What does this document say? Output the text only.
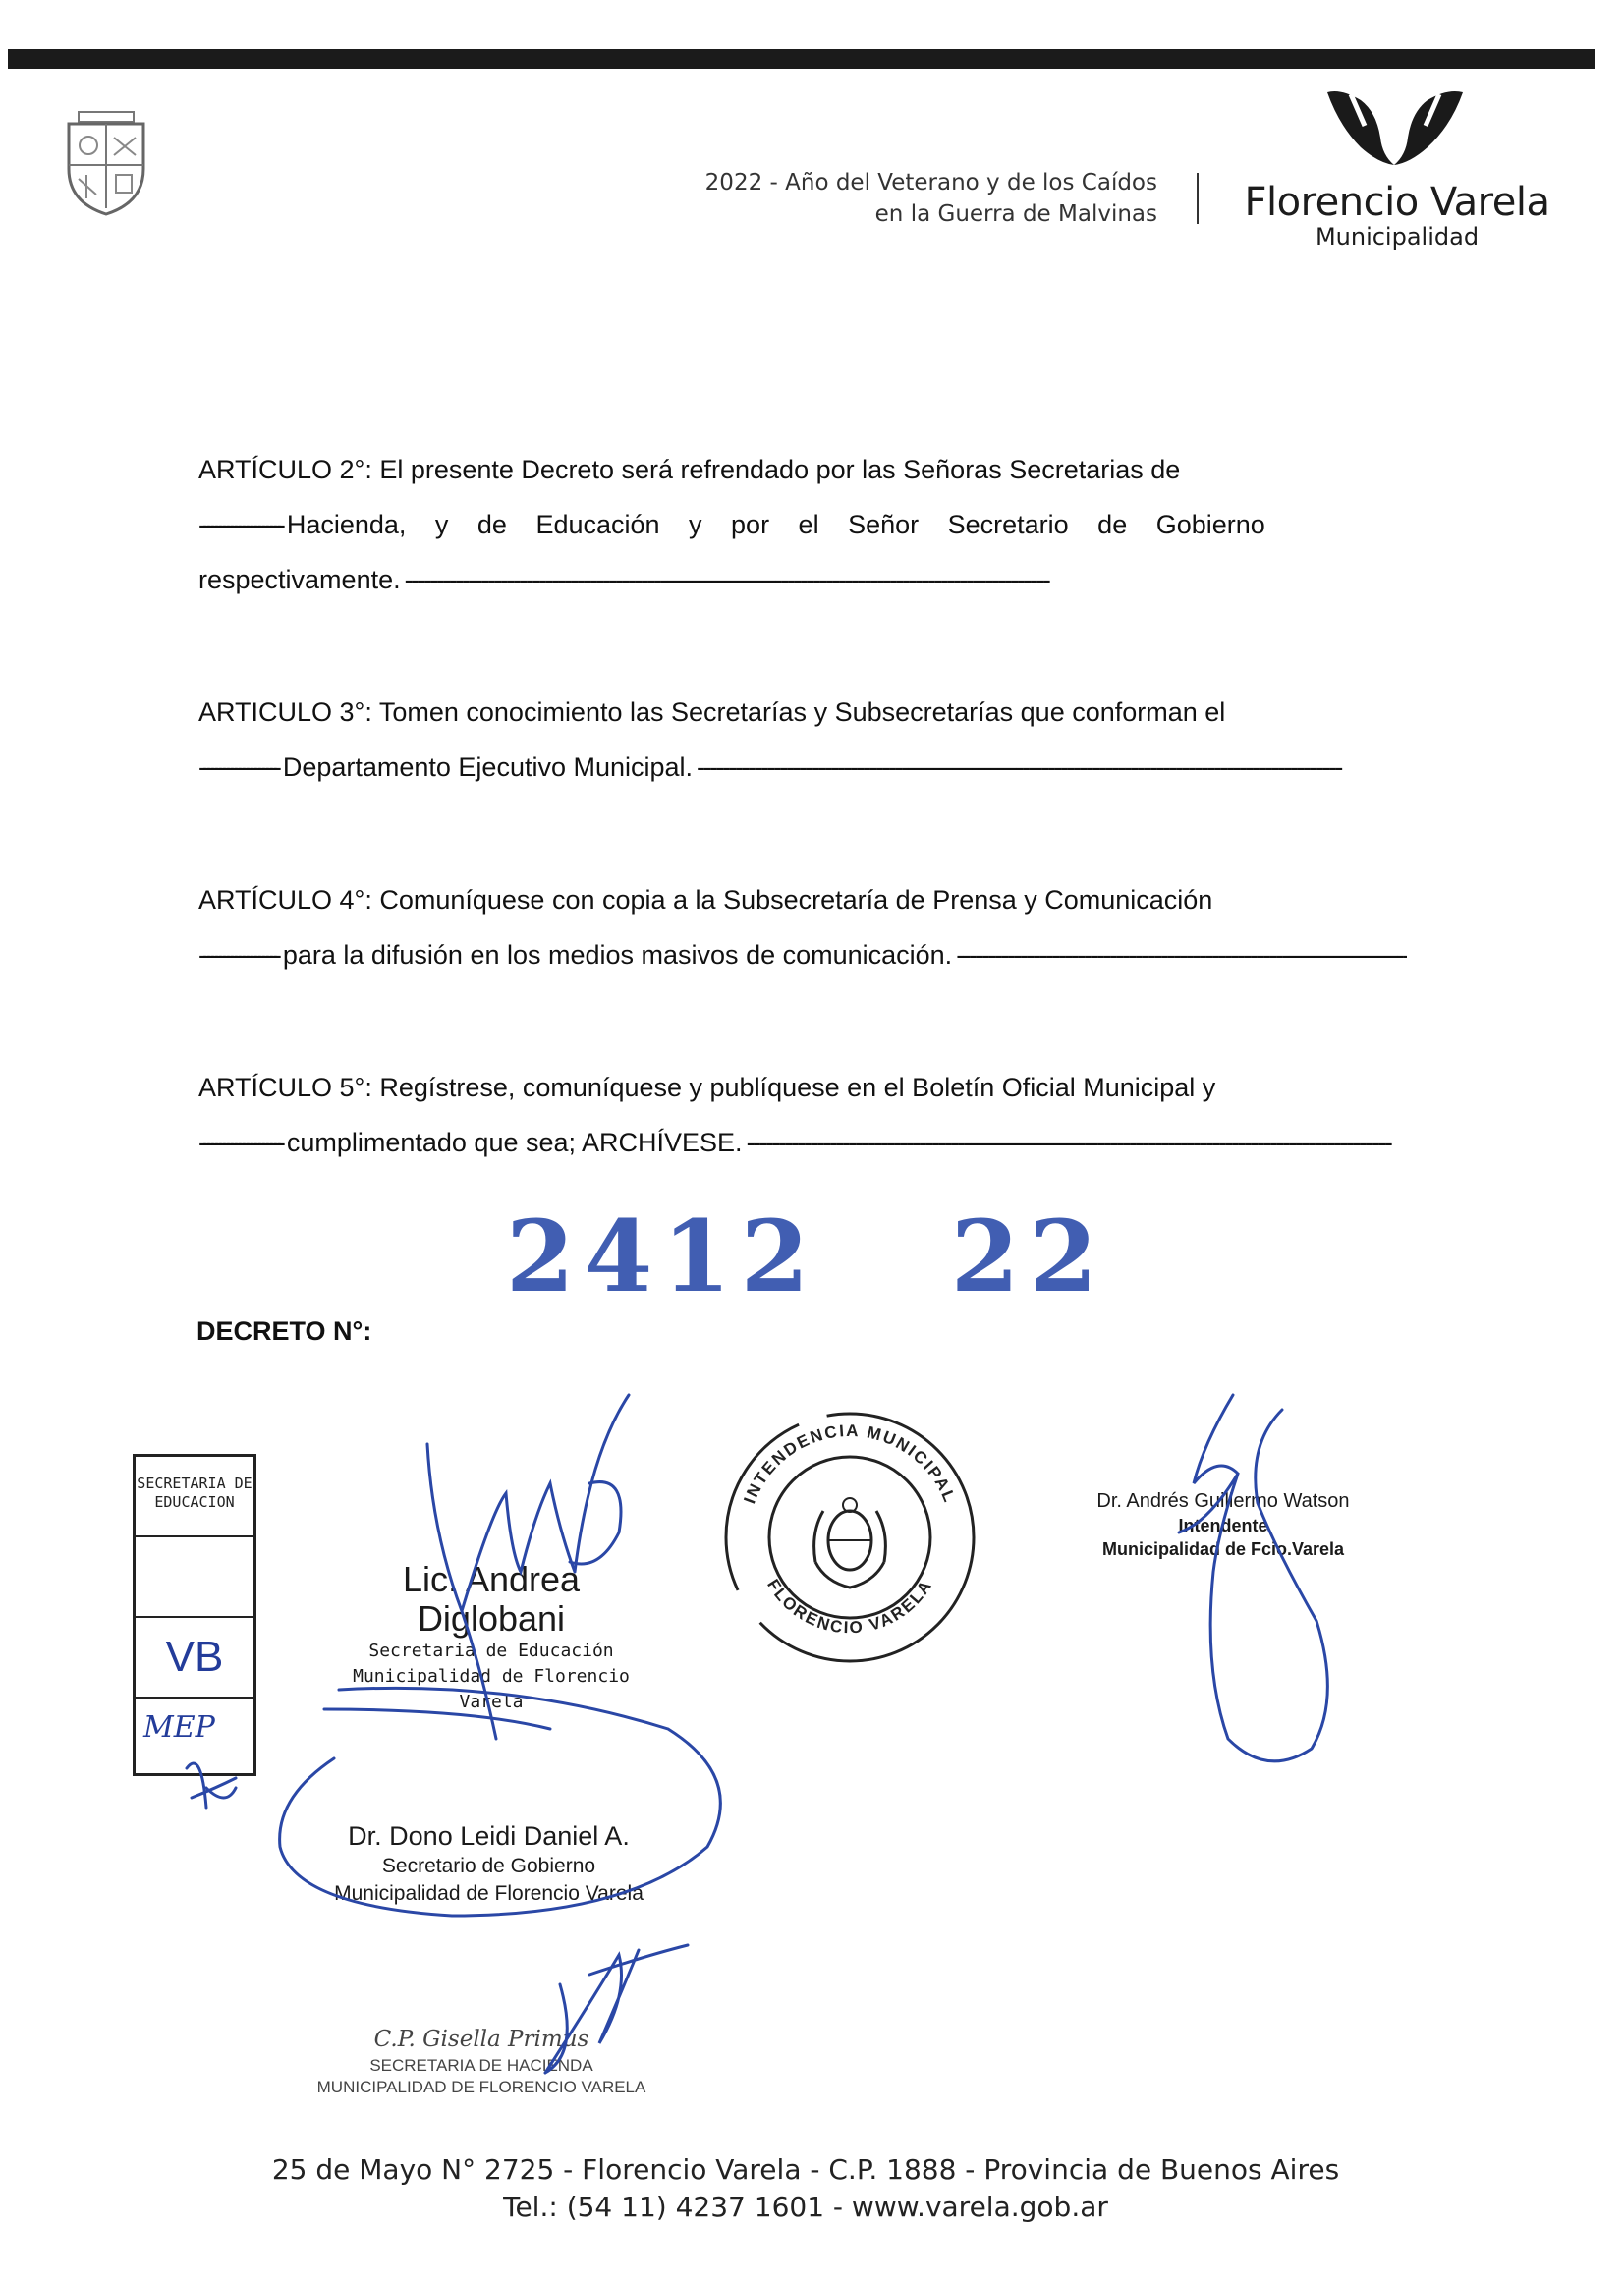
2022 - Año del Veterano y de los Caídos
en la Guerra de Malvinas Florencio Varela
Municipalidad
ARTÍCULO 2°: El presente Decreto será refrendado por las Señoras Secretarias de
--------------------- Hacienda, y de Educación y por el Señor Secretario de Gobierno
respectivamente.
- - -
ARTICULO 3°: Tomen conocimiento las Secretarías y Subsecretarías que conforman el
-------------------- Departamento Ejecutivo Municipal.
- - -
ARTÍCULO 4°: Comuníquese con copia a la Subsecretaría de Prensa y Comunicación
-------------------- para la difusión en los medios masivos de comunicación.
- - -
ARTÍCULO 5°: Regístrese, comuníquese y publíquese en el Boletín Oficial Municipal y
--------------------- cumplimentado que sea; ARCHÍVESE.
- - -
2412 22
DECRETO N°:
SECRETARIA DE EDUCACION
VB
MEP
INTENDENCIA MUNICIPAL
FLORENCIO VARELA
Lic. Andrea Diglobani
Secretaria de Educación
Municipalidad de Florencio Varela
Dr. Dono Leidi Daniel A.
Secretario de Gobierno
Municipalidad de Florencio Varela
C.P. Gisella Primus
SECRETARIA DE HACIENDA
MUNICIPALIDAD DE FLORENCIO VARELA
Dr. Andrés Guillermo Watson
Intendente
Municipalidad de Fcio.Varela
25 de Mayo N° 2725 - Florencio Varela - C.P. 1888 - Provincia de Buenos Aires
Tel.: (54 11) 4237 1601 - www.varela.gob.ar
